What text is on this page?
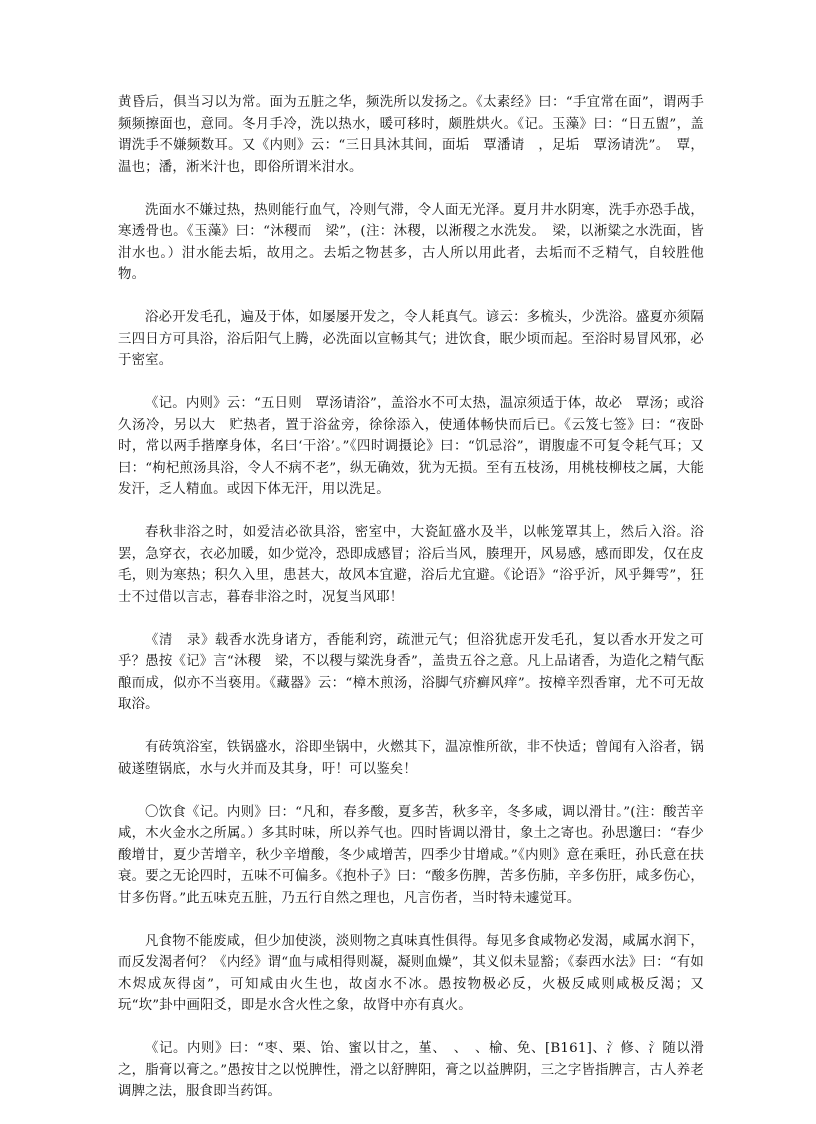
黄昏后，俱当习以为常。面为五脏之华，频洗所以发扬之。《太素经》曰：“手宜常在面”，谓两手频频擦面也，意同。冬月手冷，洗以热水，暖可移时，颇胜烘火。《记。玉藻》曰：“日五盥”，盖谓洗手不嫌频数耳。又《内则》云：“三日具沐其间，面垢　覃潘请　，足垢　覃汤请洗”。　覃，温也；潘，淅米汁也，即俗所谓米泔水。

洗面水不嫌过热，热则能行血气，冷则气滞，令人面无光泽。夏月井水阴寒，洗手亦恐手战，寒透骨也。《玉藻》曰：“沐稷而　梁”，(注：沐稷，以淅稷之水洗发。　梁，以淅粱之水洗面，皆泔水也。）泔水能去垢，故用之。去垢之物甚多，古人所以用此者，去垢而不乏精气，自较胜他物。

浴必开发毛孔，遍及于体，如屡屡开发之，令人耗真气。谚云：多梳头，少洗浴。盛夏亦须隔三四日方可具浴，浴后阳气上腾，必洗面以宣畅其气；进饮食，眠少顷而起。至浴时易冒风邪，必于密室。

《记。内则》云：“五日则　覃汤请浴”，盖浴水不可太热，温凉须适于体，故必　覃汤；或浴久汤冷，另以大　贮热者，置于浴盆旁，徐徐添入，使通体畅快而后已。《云笈七签》曰：“夜卧时，常以两手揩摩身体，名曰‘干浴’。”《四时调摄论》曰：“饥忌浴”，谓腹虚不可复令耗气耳；又曰：“枸杞煎汤具浴，令人不病不老”，纵无确效，犹为无损。至有五枝汤，用桃枝柳枝之属，大能发汗，乏人精血。或因下体无汗，用以洗足。

春秋非浴之时，如爱洁必欲具浴，密室中，大瓷缸盛水及半，以帐笼罩其上，然后入浴。浴罢，急穿衣，衣必加暖，如少觉冷，恐即成感冒；浴后当风，腠理开，风易感，感而即发，仅在皮毛，则为寒热；积久入里，患甚大，故风本宜避，浴后尤宜避。《论语》“浴乎沂，风乎舞雩”，狂士不过借以言志，暮春非浴之时，况复当风耶！

《清　录》载香水洗身诸方，香能利窍，疏泄元气；但浴犹虑开发毛孔，复以香水开发之可乎？愚按《记》言“沐稷　梁，不以稷与粱洗身香”，盖贵五谷之意。凡上品诸香，为造化之精气酝酿而成，似亦不当亵用。《藏器》云：“樟木煎汤，浴脚气疥癣风痒”。按樟辛烈香窜，尤不可无故取浴。

有砖筑浴室，铁锅盛水，浴即坐锅中，火燃其下，温凉惟所欲，非不快适；曾闻有入浴者，锅破遂堕锅底，水与火并而及其身，吁！可以鉴矣！

〇饮食《记。内则》曰：“凡和，春多酸，夏多苦，秋多辛，冬多咸，调以滑甘。”(注：酸苦辛咸，木火金水之所属。）多其时味，所以养气也。四时皆调以滑甘，象土之寄也。孙思邈曰：“春少酸增甘，夏少苦增辛，秋少辛增酸，冬少咸增苦，四季少甘增咸。”《内则》意在乘旺，孙氏意在扶衰。要之无论四时，五味不可偏多。《抱朴子》曰：“酸多伤脾，苦多伤肺，辛多伤肝，咸多伤心，甘多伤肾。”此五味克五脏，乃五行自然之理也，凡言伤者，当时特未遽觉耳。

凡食物不能废咸，但少加使淡，淡则物之真味真性俱得。每见多食咸物必发渴，咸属水润下，而反发渴者何？《内经》谓“血与咸相得则凝，凝则血燥”，其义似未显豁；《泰西水法》曰：“有如木烬成灰得卤”，可知咸由火生也，故卤水不冰。愚按物极必反，火极反咸则咸极反渴；又玩“坎”卦中画阳爻，即是水含火性之象，故肾中亦有真火。

《记。内则》曰：“枣、栗、饴、蜜以甘之，堇、　、　、榆、免、[B161]、氵修、氵随以滑之，脂膏以膏之。”愚按甘之以悦脾性，滑之以舒脾阳，膏之以益脾阴，三之字皆指脾言，古人养老调脾之法，服食即当药饵。
